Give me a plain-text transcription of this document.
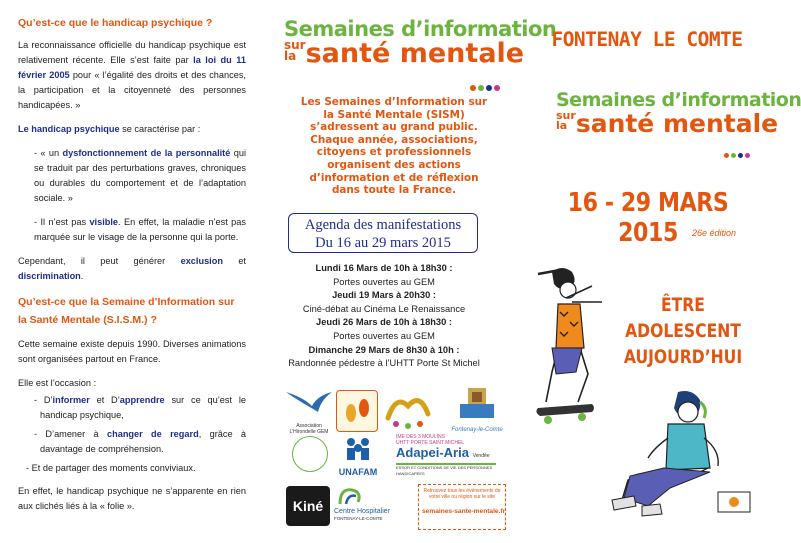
Qu’est-ce que le handicap psychique ?

La reconnaissance officielle du handicap psychique est relativement récente. Elle s’est faite par la loi du 11 février 2005 pour « l’égalité des droits et des chances, la participation et la citoyenneté des personnes handicapées. »

Le handicap psychique se caractérise par :

- « un dysfonctionnement de la personnalité qui se traduit par des perturbations graves, chroniques ou durables du comportement et de l’adaptation sociale. »

- Il n’est pas visible. En effet, la maladie n’est pas marquée sur le visage de la personne qui la porte.

Cependant, il peut générer exclusion et discrimination.

Qu’est-ce que la Semaine d’Information sur la Santé Mentale (S.I.S.M.) ?

Cette semaine existe depuis 1990. Diverses animations sont organisées partout en France.

Elle est l’occasion :

- D’informer et D’apprendre sur ce qu’est le handicap psychique,
- D’amener à changer de regard, grâce à davantage de compréhension.
- Et de partager des moments conviviaux.

En effet, le handicap psychique ne s’apparente en rien aux clichés liés à la « folie ».

Semaines d’information
sur
la santé mentale
Les Semaines d’Information sur la Santé Mentale (SISM) s’adressent au grand public. Chaque année, associations, citoyens et professionnels organisent des actions d’information et de réflexion dans toute la France.
Agenda des manifestations
Du 16 au 29 mars 2015
Lundi 16 Mars de 10h à 18h30 :
Portes ouvertes au GEM
Jeudi 19 Mars à 20h30 :
Ciné-débat au Cinéma Le Renaissance
Jeudi 26 Mars de 10h à 18h30 :
Portes ouvertes au GEM
Dimanche 29 Mars de 8h30 à 10h :
Randonnée pédestre à l’UHTT Porte St Michel
Association L’Hirondelle GEM	Fontenay-le-Comte
UNAFAM
IME DES 3 MOULINS
UHTT PORTE SAINT MICHEL
Adapei-Aria Vendée
ESSOR ET CONDITIONS DE VIE DES PERSONNES HANDICAPÉES
Kiné	Centre Hospitalier
FONTENAY-LE-COMTE
Retrouvez tous les événements de votre ville ou région sur le site
semaines-sante-mentale.fr
FONTENAY LE COMTE
Semaines d’information
sur
la santé mentale
16 - 29 MARS 2015	26e édition
ÊTRE
ADOLESCENT
AUJOURD’HUI
